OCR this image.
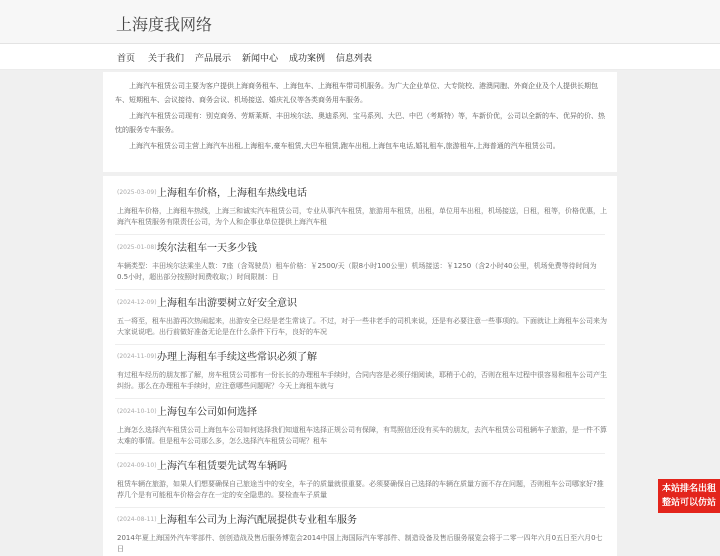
上海度我网络
首页 关于我们 产品展示 新闻中心 成功案例 信息列表

上海汽车租赁公司主要为客户提供上海商务租车、上海包车、上海租车带司机服务。为广大企业单位、大专院校、港澳同胞、外商企业及个人提供长期包车、短期租车、会议接待、商务会议、机场接送、婚庆礼仪等各类商务用车服务。

上海汽车租赁公司现有：别克商务、劳斯莱斯、丰田埃尔法、奥迪系列、宝马系列、大巴、中巴（考斯特）等，车新价优，公司以全新的车、优异的价、热忱的服务专车服务。

上海汽车租赁公司主营上海汽车出租,上海租车,豪车租赁,大巴车租赁,跑车出租,上海包车电话,婚礼租车,旅游租车,上海普通的汽车租赁公司。

(2025-03-09) 上海租车价格，上海租车热线电话
上海租车价格，上海租车热线，上海三和诚实汽车租赁公司，专业从事汽车租赁，旅游用车租赁，出租，单位用车出租，机场接送，日租，租等，价格优惠，上海汽车租赁服务有限责任公司，为个人和企事业单位提供上海汽车租
(2025-01-08) 埃尔法租车一天多少钱
车辆类型：丰田埃尔法乘坐人数：7座（含驾驶员）租车价格：￥2500/天（限8小时100公里）机场接送：￥1250（含2小时40公里，机场免费等待时间为0.5小时，超出部分按照时间费收取；）时间限制：日
(2024-12-09) 上海租车出游要树立好安全意识
五一将至，租车出游再次热闹起来，出游安全已经是老生常谈了。不过，对于一些非老手的司机来说，还是有必要注意一些事项的。下面就让上海租车公司来为大家说说吧。出行前做好准备无论是在什么条件下行车，良好的车况
(2024-11-09) 办理上海租车手续这些常识必须了解
有过租车经历的朋友都了解，房车租赁公司都有一份长长的办理租车手续时，合同内容是必须仔细阅读，耶稍于心的，否则在租车过程中很容易和租车公司产生纠纷。那么在办理租车手续时，应注意哪些问题呢？今天上海租车就与
(2024-10-10) 上海包车公司如何选择
上海怎么选择汽车租赁公司上海包车公司如何选择我们知道租车选择正规公司有保障，有骂照信还没有买车的朋友，去汽车租赁公司租辆车子旅游，是一件不算太难的事情。但是租车公司那么多，怎么选择汽车租赁公司呢？租车
(2024-09-10) 上海汽车租赁要先试驾车辆吗
租赁车辆在旅游，如果人们想要确保自己旅途当中的安全，车子的质量就很重要。必须要确保自己选择的车辆在质量方面不存在问题，否则租车公司哪家好?推荐几个是有可能租车价格会存在一定的安全隐患的。要检查车子质量
(2024-08-11) 上海租车公司为上海汽配展提供专业租车服务
2014年夏上海国外汽车零部件、创创造战及售后服务博览会2014中国上海国际汽车零部件、制造设备及售后服务展览会将于二零一四年六月0五日至六月0七日
本站排名出租
整站可以仿站
